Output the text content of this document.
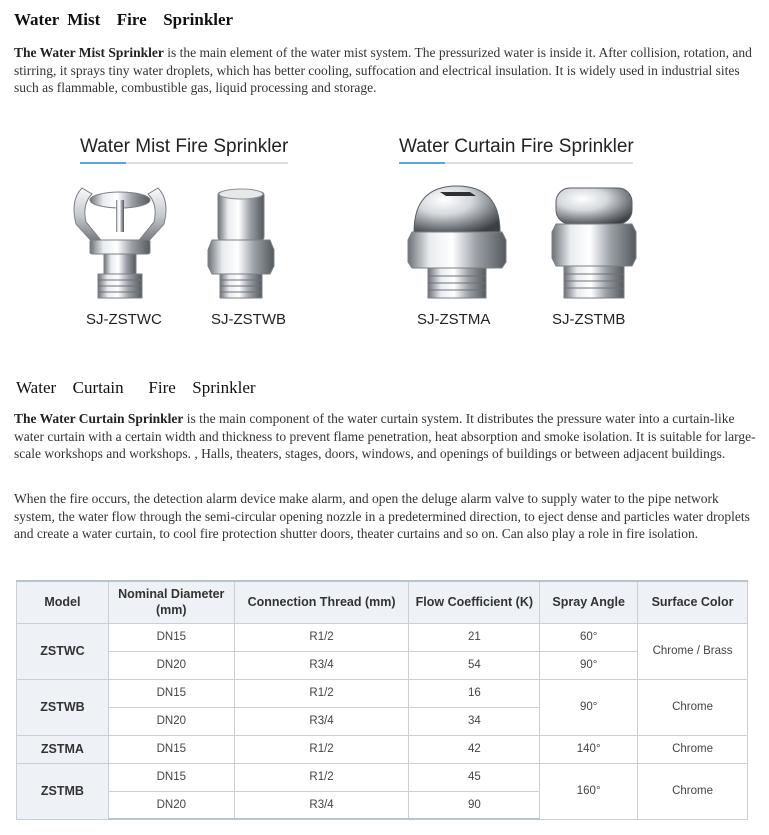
Water Mist  Fire  Sprinkler

The Water Mist Sprinkler is the main element of the water mist system. The pressurized water is inside it. After collision, rotation, and stirring, it sprays tiny water droplets, which has better cooling, suffocation and electrical insulation. It is widely used in industrial sites such as flammable, combustible gas, liquid processing and storage.

Water Mist Fire Sprinkler	Water Curtain Fire Sprinkler
SJ-ZSTWC	SJ-ZSTWB	SJ-ZSTMA	SJ-ZSTMB
Water  Curtain   Fire  Sprinkler

The Water Curtain Sprinkler is the main component of the water curtain system. It distributes the pressure water into a curtain-like water curtain with a certain width and thickness to prevent flame penetration, heat absorption and smoke isolation. It is suitable for large-scale workshops and workshops. , Halls, theaters, stages, doors, windows, and openings of buildings or between adjacent buildings.

When the fire occurs, the detection alarm device make alarm, and open the deluge alarm valve to supply water to the pipe network system, the water flow through the semi-circular opening nozzle in a predetermined direction, to eject dense and particles water droplets and create a water curtain, to cool fire protection shutter doors, theater curtains and so on. Can also play a role in fire isolation.

Model	Nominal Diameter (mm)	Connection Thread (mm)	Flow Coefficient (K)	Spray Angle	Surface Color
ZSTWC	DN15	R1/2	21	60°	Chrome / Brass
	DN20	R3/4	54	90°	
ZSTWB	DN15	R1/2	16	90°	Chrome
	DN20	R3/4	34		
ZSTMA	DN15	R1/2	42	140°	Chrome
ZSTMB	DN15	R1/2	45	160°	Chrome
	DN20	R3/4	90		
